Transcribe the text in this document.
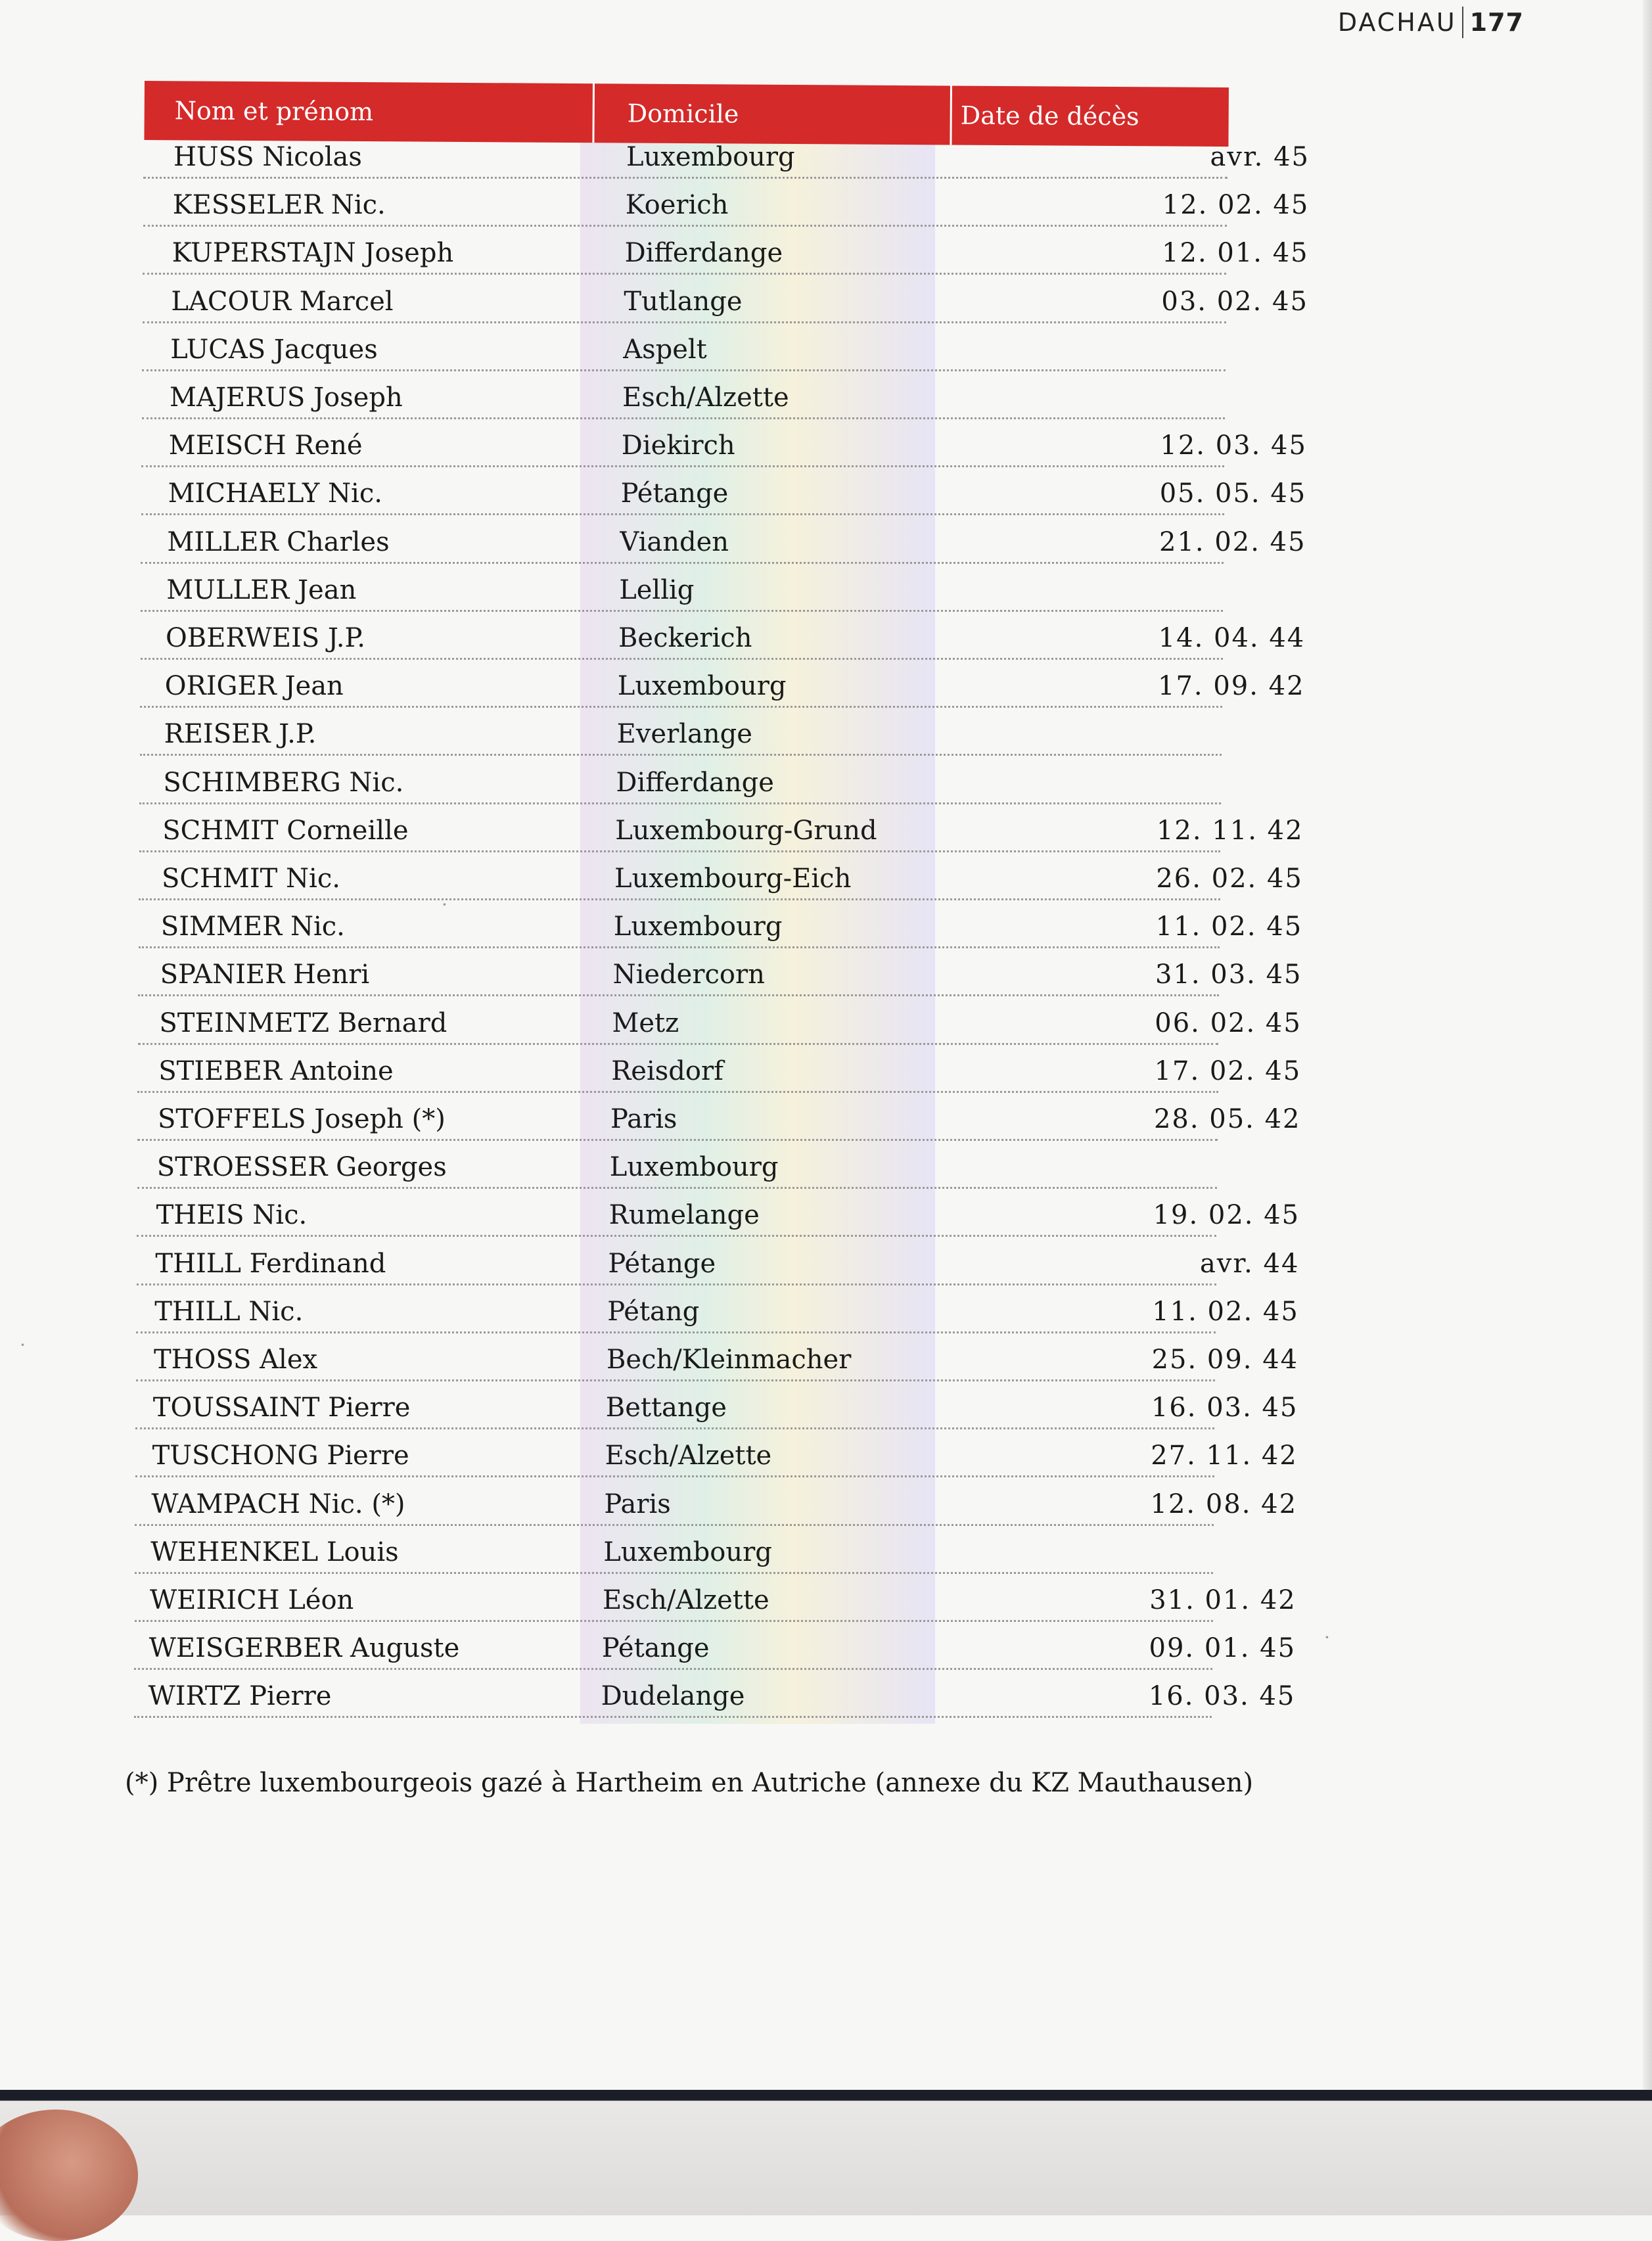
DACHAU 177
Nom et prénom	Domicile	Date de décès
HUSS Nicolas	Luxembourg	avr. 45
KESSELER Nic.	Koerich	12. 02. 45
KUPERSTAJN Joseph	Differdange	12. 01. 45
LACOUR Marcel	Tutlange	03. 02. 45
LUCAS Jacques	Aspelt
MAJERUS Joseph	Esch/Alzette
MEISCH René	Diekirch	12. 03. 45
MICHAELY Nic.	Pétange	05. 05. 45
MILLER Charles	Vianden	21. 02. 45
MULLER Jean	Lellig
OBERWEIS J.P.	Beckerich	14. 04. 44
ORIGER Jean	Luxembourg	17. 09. 42
REISER J.P.	Everlange
SCHIMBERG Nic.	Differdange
SCHMIT Corneille	Luxembourg-Grund	12. 11. 42
SCHMIT Nic.	Luxembourg-Eich	26. 02. 45
SIMMER Nic.	Luxembourg	11. 02. 45
SPANIER Henri	Niedercorn	31. 03. 45
STEINMETZ Bernard	Metz	06. 02. 45
STIEBER Antoine	Reisdorf	17. 02. 45
STOFFELS Joseph (*)	Paris	28. 05. 42
STROESSER Georges	Luxembourg
THEIS Nic.	Rumelange	19. 02. 45
THILL Ferdinand	Pétange	avr. 44
THILL Nic.	Pétang	11. 02. 45
THOSS Alex	Bech/Kleinmacher	25. 09. 44
TOUSSAINT Pierre	Bettange	16. 03. 45
TUSCHONG Pierre	Esch/Alzette	27. 11. 42
WAMPACH Nic. (*)	Paris	12. 08. 42
WEHENKEL Louis	Luxembourg
WEIRICH Léon	Esch/Alzette	31. 01. 42
WEISGERBER Auguste	Pétange	09. 01. 45
WIRTZ Pierre	Dudelange	16. 03. 45
(*) Prêtre luxembourgeois gazé à Hartheim en Autriche (annexe du KZ Mauthausen)
·
·
·
